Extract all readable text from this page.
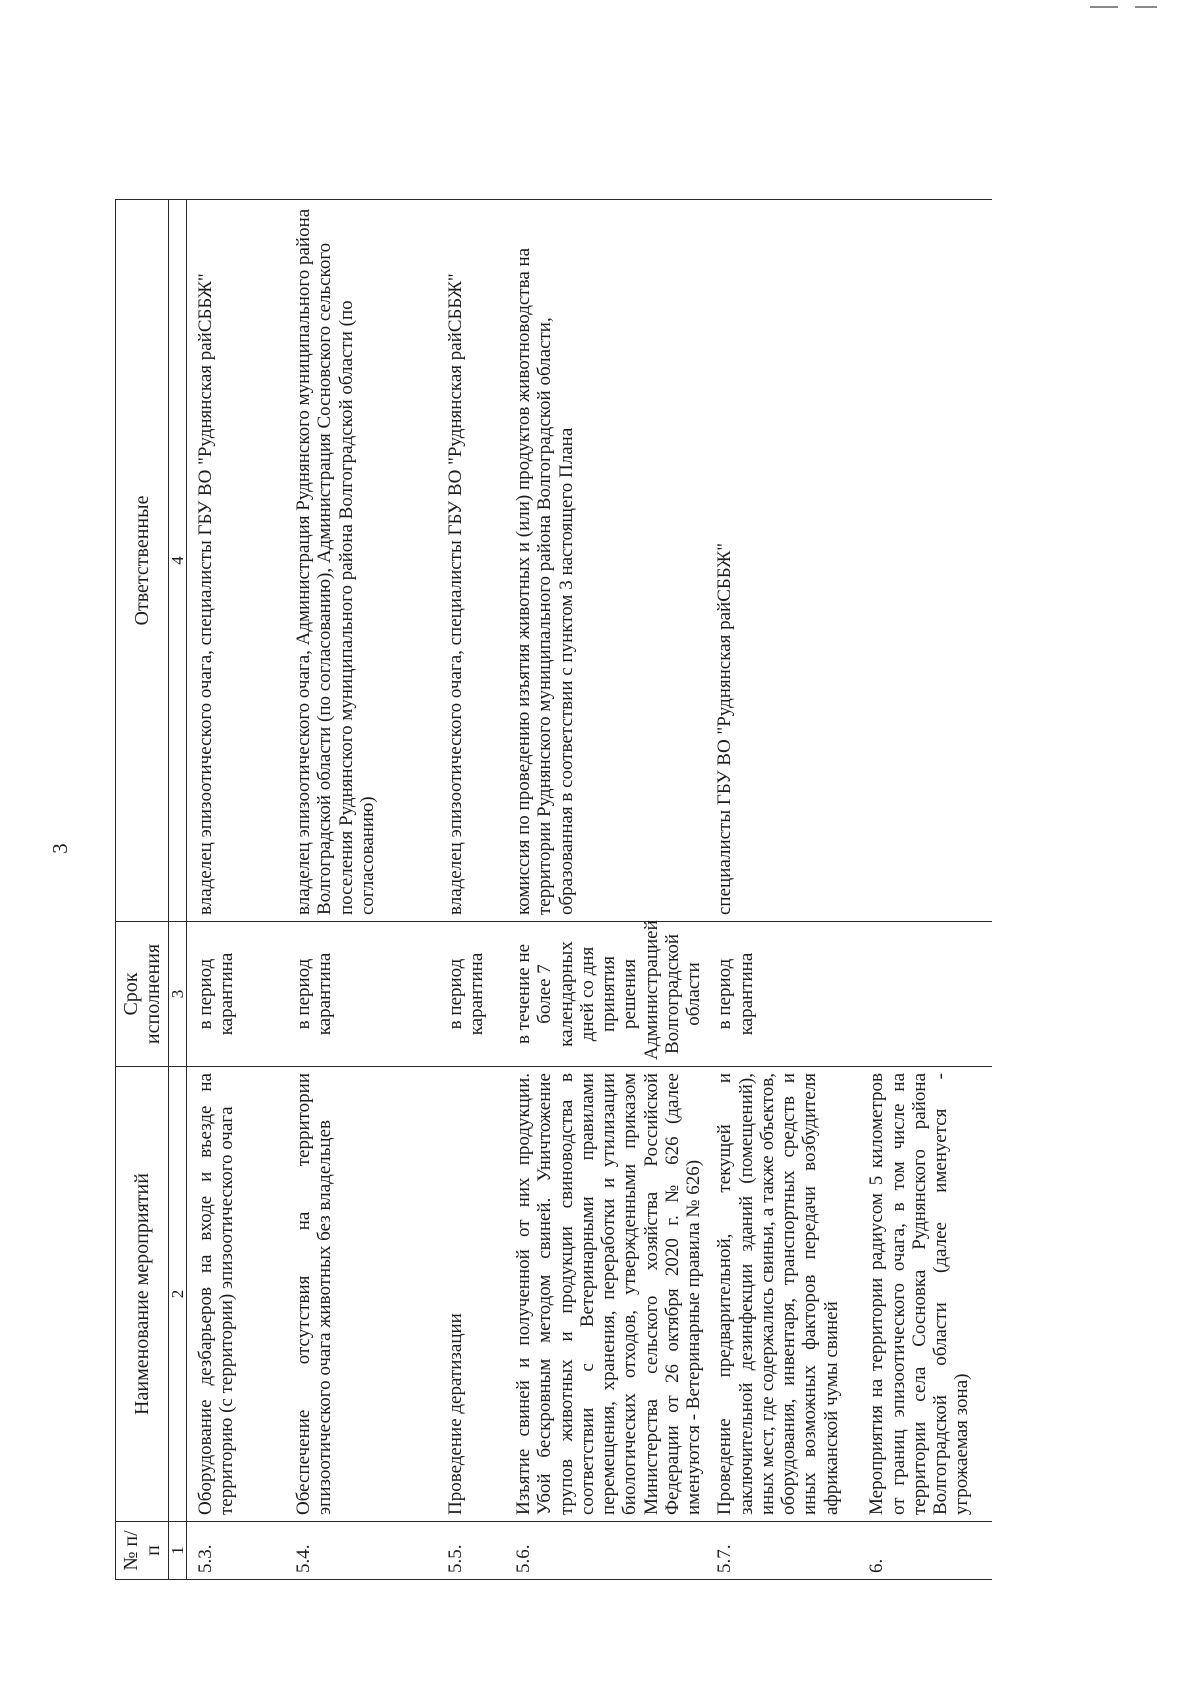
3
№ п/п	Наименование мероприятий	Срок исполнения	Ответственные
1	2	3	4
5.3.	Оборудование дезбарьеров на входе и въезде на территорию (с территории) эпизоотического очага	в период карантина	владелец эпизоотического очага, специалисты ГБУ ВО "Руднянская райСББЖ"
5.4.	Обеспечение отсутствия на территории эпизоотического очага животных без владельцев	в период карантина	владелец эпизоотического очага, Администрация Руднянского муниципального района Волгоградской области (по согласованию), Администрация Сосновского сельского поселения Руднянского муниципального района Волгоградской области (по согласованию)
5.5.	Проведение дератизации	в период карантина	владелец эпизоотического очага, специалисты ГБУ ВО "Руднянская райСББЖ"
5.6.	Изъятие свиней и полученной от них продукции. Убой бескровным методом свиней. Уничтожение трупов животных и продукции свиноводства в соответствии с Ветеринарными правилами перемещения, хранения, переработки и утилизации биологических отходов, утвержденными приказом Министерства сельского хозяйства Российской Федерации от 26 октября 2020 г. № 626 (далее именуются - Ветеринарные правила № 626)	в течение не более 7 календарных дней со дня принятия решения Администрацией Волгоградской области	комиссия по проведению изъятия животных и (или) продуктов животноводства на территории Руднянского муниципального района Волгоградской области, образованная в соответствии с пунктом 3 настоящего Плана
5.7.	Проведение предварительной, текущей и заключительной дезинфекции зданий (помещений), иных мест, где содержались свиньи, а также объектов, оборудования, инвентаря, транспортных средств и иных возможных факторов передачи возбудителя африканской чумы свиней	в период карантина	специалисты ГБУ ВО "Руднянская райСББЖ"
6.	Мероприятия на территории радиусом 5 километров от границ эпизоотического очага, в том числе на территории села Сосновка Руднянского района Волгоградской области (далее именуется - угрожаемая зона)		
